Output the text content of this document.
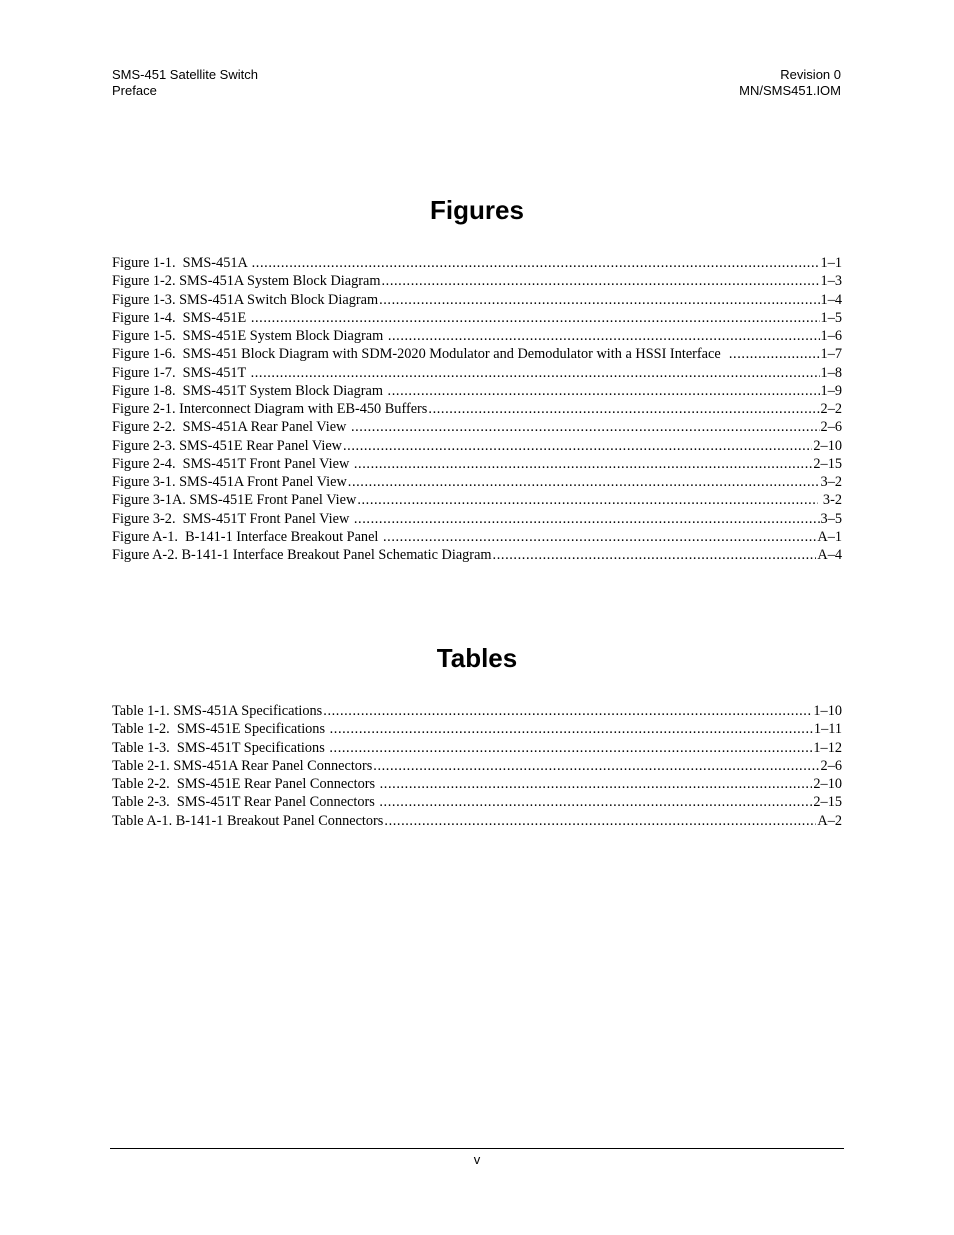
SMS-451 Satellite Switch
Preface
Revision 0
MN/SMS451.IOM
Figures
Figure 1-1.  SMS-451A .....	1–1
Figure 1-2. SMS-451A System Block Diagram .....	1–3
Figure 1-3. SMS-451A Switch Block Diagram .....	1–4
Figure 1-4.  SMS-451E .....	1–5
Figure 1-5.  SMS-451E System Block Diagram .....	1–6
Figure 1-6.  SMS-451 Block Diagram with SDM-2020 Modulator and Demodulator with a HSSI Interface .....	1–7
Figure 1-7.  SMS-451T .....	1–8
Figure 1-8.  SMS-451T System Block Diagram .....	1–9
Figure 2-1. Interconnect Diagram with EB-450 Buffers .....	2–2
Figure 2-2.  SMS-451A Rear Panel View .....	2–6
Figure 2-3. SMS-451E Rear Panel View .....	2–10
Figure 2-4.  SMS-451T Front Panel View .....	2–15
Figure 3-1. SMS-451A Front Panel View .....	3–2
Figure 3-1A. SMS-451E Front Panel View .....	3-2
Figure 3-2.  SMS-451T Front Panel View .....	3–5
Figure A-1.  B-141-1 Interface Breakout Panel .....	A–1
Figure A-2. B-141-1 Interface Breakout Panel Schematic Diagram .....	A–4
Tables
Table 1-1. SMS-451A Specifications .....	1–10
Table 1-2.  SMS-451E Specifications .....	1–11
Table 1-3.  SMS-451T Specifications .....	1–12
Table 2-1. SMS-451A Rear Panel Connectors .....	2–6
Table 2-2.  SMS-451E Rear Panel Connectors .....	2–10
Table 2-3.  SMS-451T Rear Panel Connectors .....	2–15
Table A-1. B-141-1 Breakout Panel Connectors .....	A–2
v
